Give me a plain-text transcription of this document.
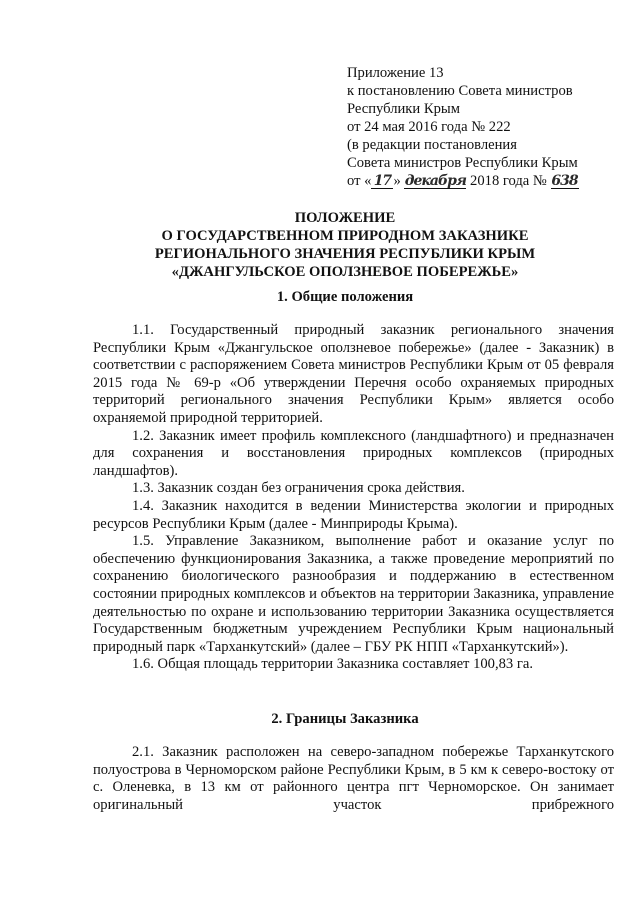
Приложение 13
к постановлению Совета министров
Республики Крым
от 24 мая 2016 года № 222
(в редакции постановления
Совета министров Республики Крым
от « 17 » декабря 2018 года № 638
ПОЛОЖЕНИЕ
О ГОСУДАРСТВЕННОМ ПРИРОДНОМ ЗАКАЗНИКЕ
РЕГИОНАЛЬНОГО ЗНАЧЕНИЯ РЕСПУБЛИКИ КРЫМ
«ДЖАНГУЛЬСКОЕ ОПОЛЗНЕВОЕ ПОБЕРЕЖЬЕ»
1. Общие положения

1.1. Государственный природный заказник регионального значения Республики Крым «Джангульское оползневое побережье» (далее - Заказник) в соответствии с распоряжением Совета министров Республики Крым от 05 февраля 2015 года № 69-р «Об утверждении Перечня особо охраняемых природных территорий регионального значения Республики Крым» является особо охраняемой природной территорией.

1.2. Заказник имеет профиль комплексного (ландшафтного) и предназначен для сохранения и восстановления природных комплексов (природных ландшафтов).

1.3. Заказник создан без ограничения срока действия.

1.4. Заказник находится в ведении Министерства экологии и природных ресурсов Республики Крым (далее - Минприроды Крыма).

1.5. Управление Заказником, выполнение работ и оказание услуг по обеспечению функционирования Заказника, а также проведение мероприятий по сохранению биологического разнообразия и поддержанию в естественном состоянии природных комплексов и объектов на территории Заказника, управление деятельностью по охране и использованию территории Заказника осуществляется Государственным бюджетным учреждением Республики Крым национальный природный парк «Тарханкутский» (далее – ГБУ РК НПП «Тарханкутский»).

1.6. Общая площадь территории Заказника составляет 100,83 га.

2. Границы Заказника

2.1. Заказник расположен на северо-западном побережье Тарханкутского полуострова в Черноморском районе Республики Крым, в 5 км к северо-востоку от с. Оленевка, в 13 км от районного центра пгт Черноморское. Он занимает оригинальный участок прибрежного
